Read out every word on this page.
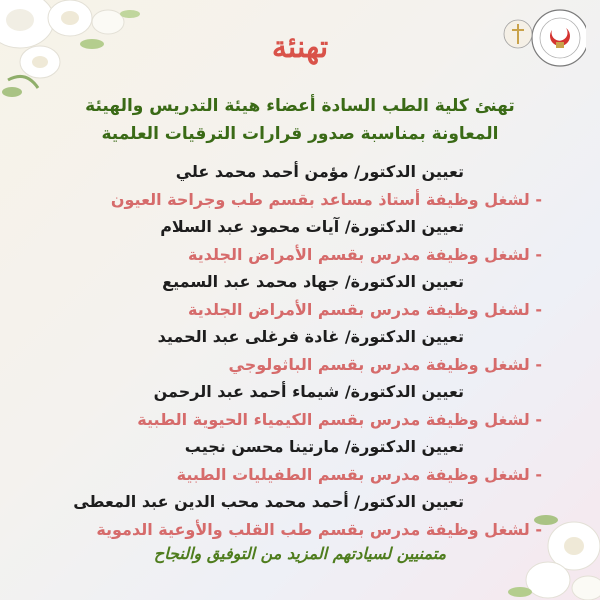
تهنئة
تهنئ كلية الطب السادة أعضاء هيئة التدريس والهيئة
المعاونة بمناسبة صدور قرارات الترقيات العلمية
تعيين الدكتور/ مؤمن أحمد محمد علي
- لشغل وظيفة أستاذ مساعد بقسم طب وجراحة العيون
تعيين الدكتورة/ آيات محمود عبد السلام
- لشغل وظيفة مدرس بقسم الأمراض الجلدية
تعيين الدكتورة/ جهاد محمد عبد السميع
- لشغل وظيفة مدرس بقسم الأمراض الجلدية
تعيين الدكتورة/ غادة فرغلى عبد الحميد
- لشغل وظيفة مدرس بقسم الباثولوجي
تعيين الدكتورة/ شيماء أحمد عبد الرحمن
- لشغل وظيفة مدرس بقسم الكيمياء الحيوية الطبية
تعيين الدكتورة/ مارتينا محسن نجيب
- لشغل وظيفة مدرس بقسم الطفيليات الطبية
تعيين الدكتور/ أحمد محمد محب الدين عبد المعطى
- لشغل وظيفة مدرس بقسم طب القلب والأوعية الدموية
متمنيين لسيادتهم المزيد من التوفيق والنجاح
